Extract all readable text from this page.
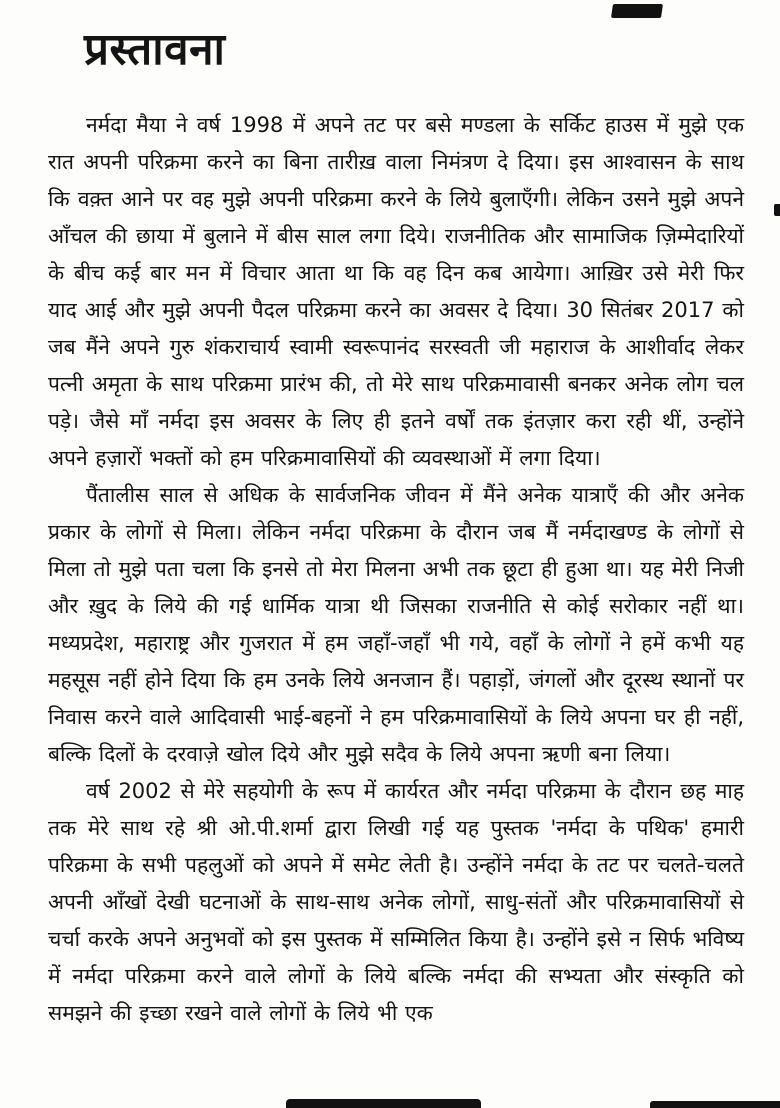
प्रस्तावना

नर्मदा मैया ने वर्ष 1998 में अपने तट पर बसे मण्डला के सर्किट हाउस में मुझे एक रात अपनी परिक्रमा करने का बिना तारीख़ वाला निमंत्रण दे दिया। इस आश्वासन के साथ कि वक़्त आने पर वह मुझे अपनी परिक्रमा करने के लिये बुलाएँगी। लेकिन उसने मुझे अपने आँचल की छाया में बुलाने में बीस साल लगा दिये। राजनीतिक और सामाजिक ज़िम्मेदारियों के बीच कई बार मन में विचार आता था कि वह दिन कब आयेगा। आख़िर उसे मेरी फिर याद आई और मुझे अपनी पैदल परिक्रमा करने का अवसर दे दिया। 30 सितंबर 2017 को जब मैंने अपने गुरु शंकराचार्य स्वामी स्वरूपानंद सरस्वती जी महाराज के आशीर्वाद लेकर पत्नी अमृता के साथ परिक्रमा प्रारंभ की, तो मेरे साथ परिक्रमावासी बनकर अनेक लोग चल पड़े। जैसे माँ नर्मदा इस अवसर के लिए ही इतने वर्षों तक इंतज़ार करा रही थीं, उन्होंने अपने हज़ारों भक्तों को हम परिक्रमावासियों की व्यवस्थाओं में लगा दिया।

पैंतालीस साल से अधिक के सार्वजनिक जीवन में मैंने अनेक यात्राएँ की और अनेक प्रकार के लोगों से मिला। लेकिन नर्मदा परिक्रमा के दौरान जब मैं नर्मदाखण्ड के लोगों से मिला तो मुझे पता चला कि इनसे तो मेरा मिलना अभी तक छूटा ही हुआ था। यह मेरी निजी और ख़ुद के लिये की गई धार्मिक यात्रा थी जिसका राजनीति से कोई सरोकार नहीं था। मध्यप्रदेश, महाराष्ट्र और गुजरात में हम जहाँ-जहाँ भी गये, वहाँ के लोगों ने हमें कभी यह महसूस नहीं होने दिया कि हम उनके लिये अनजान हैं। पहाड़ों, जंगलों और दूरस्थ स्थानों पर निवास करने वाले आदिवासी भाई-बहनों ने हम परिक्रमावासियों के लिये अपना घर ही नहीं, बल्कि दिलों के दरवाज़े खोल दिये और मुझे सदैव के लिये अपना ऋणी बना लिया।

वर्ष 2002 से मेरे सहयोगी के रूप में कार्यरत और नर्मदा परिक्रमा के दौरान छह माह तक मेरे साथ रहे श्री ओ.पी.शर्मा द्वारा लिखी गई यह पुस्तक 'नर्मदा के पथिक' हमारी परिक्रमा के सभी पहलुओं को अपने में समेट लेती है। उन्होंने नर्मदा के तट पर चलते-चलते अपनी आँखों देखी घटनाओं के साथ-साथ अनेक लोगों, साधु-संतों और परिक्रमावासियों से चर्चा करके अपने अनुभवों को इस पुस्तक में सम्मिलित किया है। उन्होंने इसे न सिर्फ भविष्य में नर्मदा परिक्रमा करने वाले लोगों के लिये बल्कि नर्मदा की सभ्यता और संस्कृति को समझने की इच्छा रखने वाले लोगों के लिये भी एक
